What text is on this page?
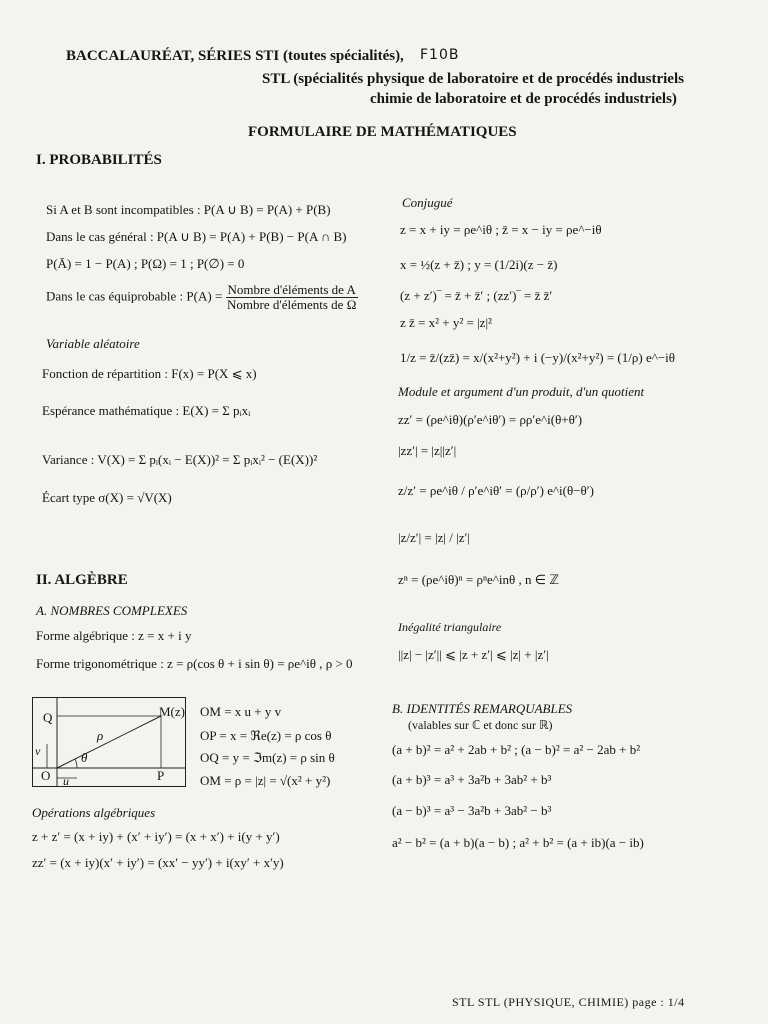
BACCALAURÉAT, SÉRIES STI (toutes spécialités), F10B
STL (spécialités physique de laboratoire et de procédés industriels
chimie de laboratoire et de procédés industriels)
FORMULAIRE DE MATHÉMATIQUES
I. PROBABILITÉS
Si A et B sont incompatibles : P(A ∪ B) = P(A) + P(B)
Dans le cas général : P(A ∪ B) = P(A) + P(B) − P(A ∩ B)
P(Ā) = 1 − P(A) ; P(Ω) = 1 ; P(∅) = 0
Dans le cas équiprobable : $P(A) = \frac{\text{Nombre d'éléments de A}}{\text{Nombre d'éléments de Ω}}$
Variable aléatoire
Fonction de répartition : F(x) = P(X ⩽ x)
Espérance mathématique : E(X) = Σ pᵢxᵢ
Variance : V(X) = Σ pᵢ(xᵢ − E(X))² = Σ pᵢxᵢ² − (E(X))²
Écart type σ(X) = √V(X)
II. ALGÈBRE
A. NOMBRES COMPLEXES
Forme algébrique : z = x + i y
Forme trigonométrique : z = ρ(cos θ + i sin θ) = ρe^iθ , ρ > 0
Q	M(z)
ρ
θ
O	P
v
u
OM = x u + y v
OP = x = ℜe(z) = ρ cos θ
OQ = y = ℑm(z) = ρ sin θ
OM = ρ = |z| = √(x² + y²)
Opérations algébriques
z + z′ = (x + iy) + (x′ + iy′) = (x + x′) + i(y + y′)
zz′ = (x + iy)(x′ + iy′) = (xx′ − yy′) + i(xy′ + x′y)
Conjugué
z = x + iy = ρe^iθ ; z̄ = x − iy = ρe^−iθ
x = ½(z + z̄) ; y = (1/2i)(z − z̄)
(z + z′)‾ = z̄ + z̄′ ; (zz′)‾ = z̄ z̄′
z z̄ = x² + y² = |z|²
1/z = z̄/(zz̄) = x/(x²+y²) + i (−y)/(x²+y²) = (1/ρ) e^−iθ
Module et argument d'un produit, d'un quotient
zz′ = (ρe^iθ)(ρ′e^iθ′) = ρρ′e^i(θ+θ′)
|zz′| = |z||z′|
z/z′ = ρe^iθ / ρ′e^iθ′ = (ρ/ρ′) e^i(θ−θ′)
|z/z′| = |z| / |z′|
zⁿ = (ρe^iθ)ⁿ = ρⁿe^inθ , n ∈ ℤ
Inégalité triangulaire
||z| − |z′|| ⩽ |z + z′| ⩽ |z| + |z′|
B. IDENTITÉS REMARQUABLES
(valables sur ℂ et donc sur ℝ)
(a + b)² = a² + 2ab + b² ; (a − b)² = a² − 2ab + b²
(a + b)³ = a³ + 3a²b + 3ab² + b³
(a − b)³ = a³ − 3a²b + 3ab² − b³
a² − b² = (a + b)(a − b) ; a² + b² = (a + ib)(a − ib)
STL STL (PHYSIQUE, CHIMIE) page : 1/4
